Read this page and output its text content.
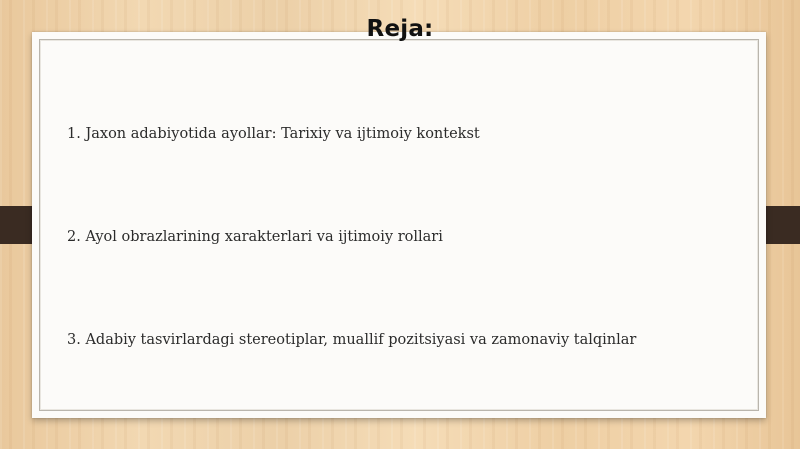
Reja:
1. Jaxon adabiyotida ayollar: Tarixiy va ijtimoiy kontekst
2. Ayol obrazlarining xarakterlari va ijtimoiy rollari
3. Adabiy tasvirlardagi stereotiplar, muallif pozitsiyasi va zamonaviy talqinlar
